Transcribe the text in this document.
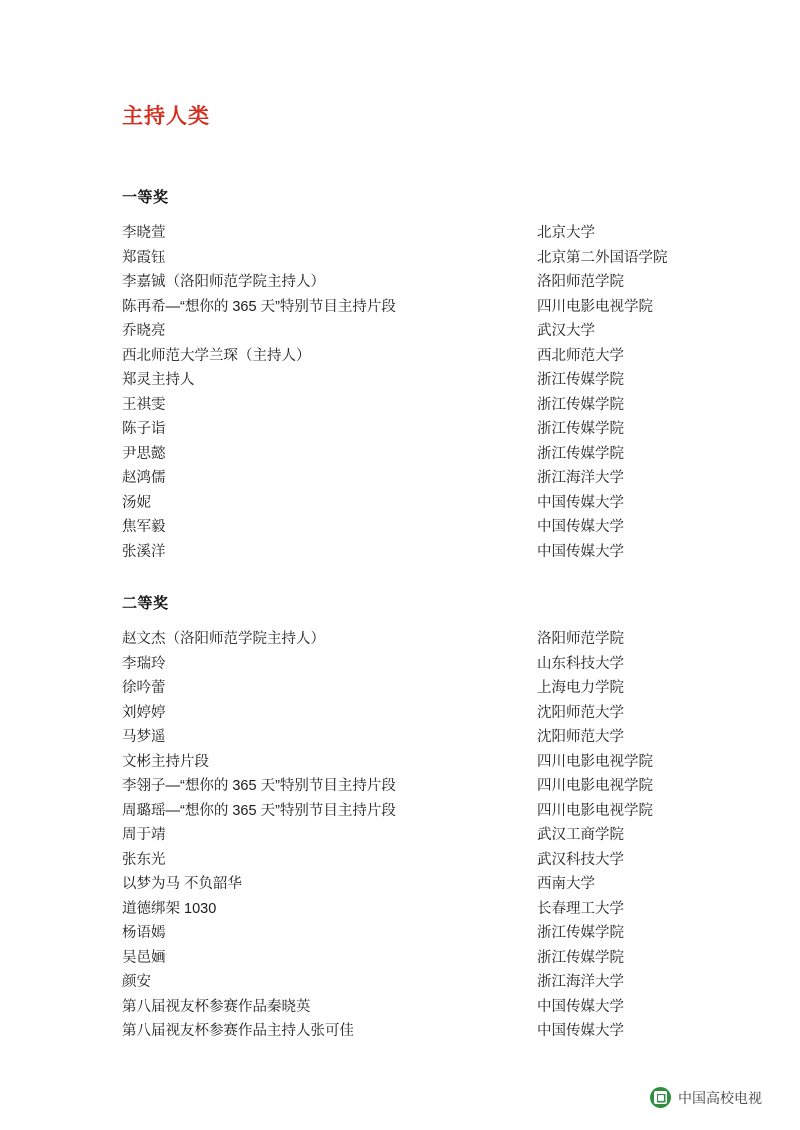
主持人类
一等奖
李晓萱	北京大学
郑霞钰	北京第二外国语学院
李嘉铖（洛阳师范学院主持人）	洛阳师范学院
陈再希—“想你的 365 天”特别节目主持片段	四川电影电视学院
乔晓亮	武汉大学
西北师范大学兰琛（主持人）	西北师范大学
郑灵主持人	浙江传媒学院
王祺雯	浙江传媒学院
陈子诣	浙江传媒学院
尹思懿	浙江传媒学院
赵鸿儒	浙江海洋大学
汤妮	中国传媒大学
焦军毅	中国传媒大学
张溪洋	中国传媒大学
二等奖
赵文杰（洛阳师范学院主持人）	洛阳师范学院
李瑞玲	山东科技大学
徐吟蕾	上海电力学院
刘婷婷	沈阳师范大学
马梦遥	沈阳师范大学
文彬主持片段	四川电影电视学院
李翎子—“想你的 365 天”特别节目主持片段	四川电影电视学院
周璐瑶—“想你的 365 天”特别节目主持片段	四川电影电视学院
周于靖	武汉工商学院
张东光	武汉科技大学
以梦为马 不负韶华	西南大学
道德绑架 1030	长春理工大学
杨语嫣	浙江传媒学院
吴邑婳	浙江传媒学院
颜安	浙江海洋大学
第八届视友杯参赛作品秦晓英	中国传媒大学
第八届视友杯参赛作品主持人张可佳	中国传媒大学
中国高校电视
